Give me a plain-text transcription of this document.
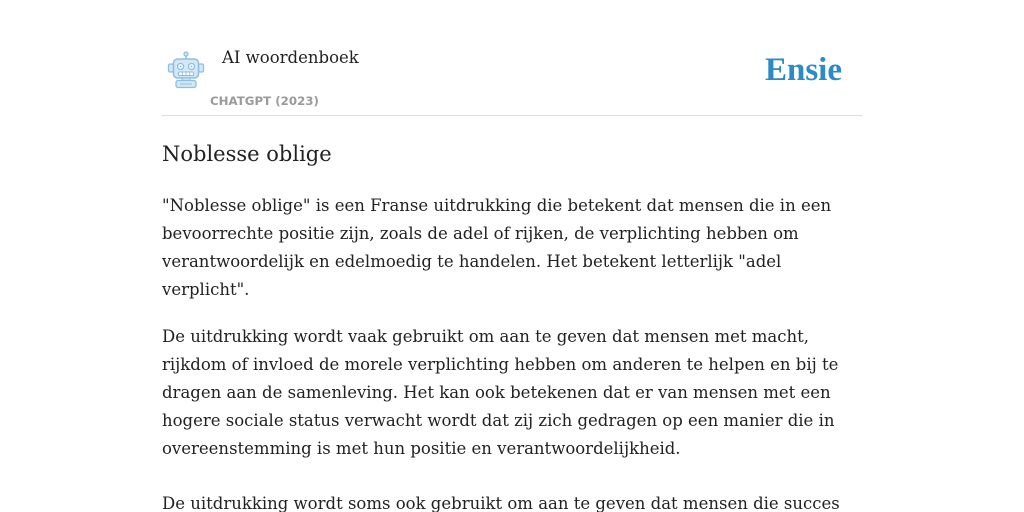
AI woordenboek
CHATGPT (2023)
Ensie
Noblesse oblige

"Noblesse oblige" is een Franse uitdrukking die betekent dat mensen die in een bevoorrechte positie zijn, zoals de adel of rijken, de verplichting hebben om verantwoordelijk en edelmoedig te handelen. Het betekent letterlijk "adel verplicht".

De uitdrukking wordt vaak gebruikt om aan te geven dat mensen met macht, rijkdom of invloed de morele verplichting hebben om anderen te helpen en bij te dragen aan de samenleving. Het kan ook betekenen dat er van mensen met een hogere sociale status verwacht wordt dat zij zich gedragen op een manier die in overeenstemming is met hun positie en verantwoordelijkheid.

De uitdrukking wordt soms ook gebruikt om aan te geven dat mensen die succes
